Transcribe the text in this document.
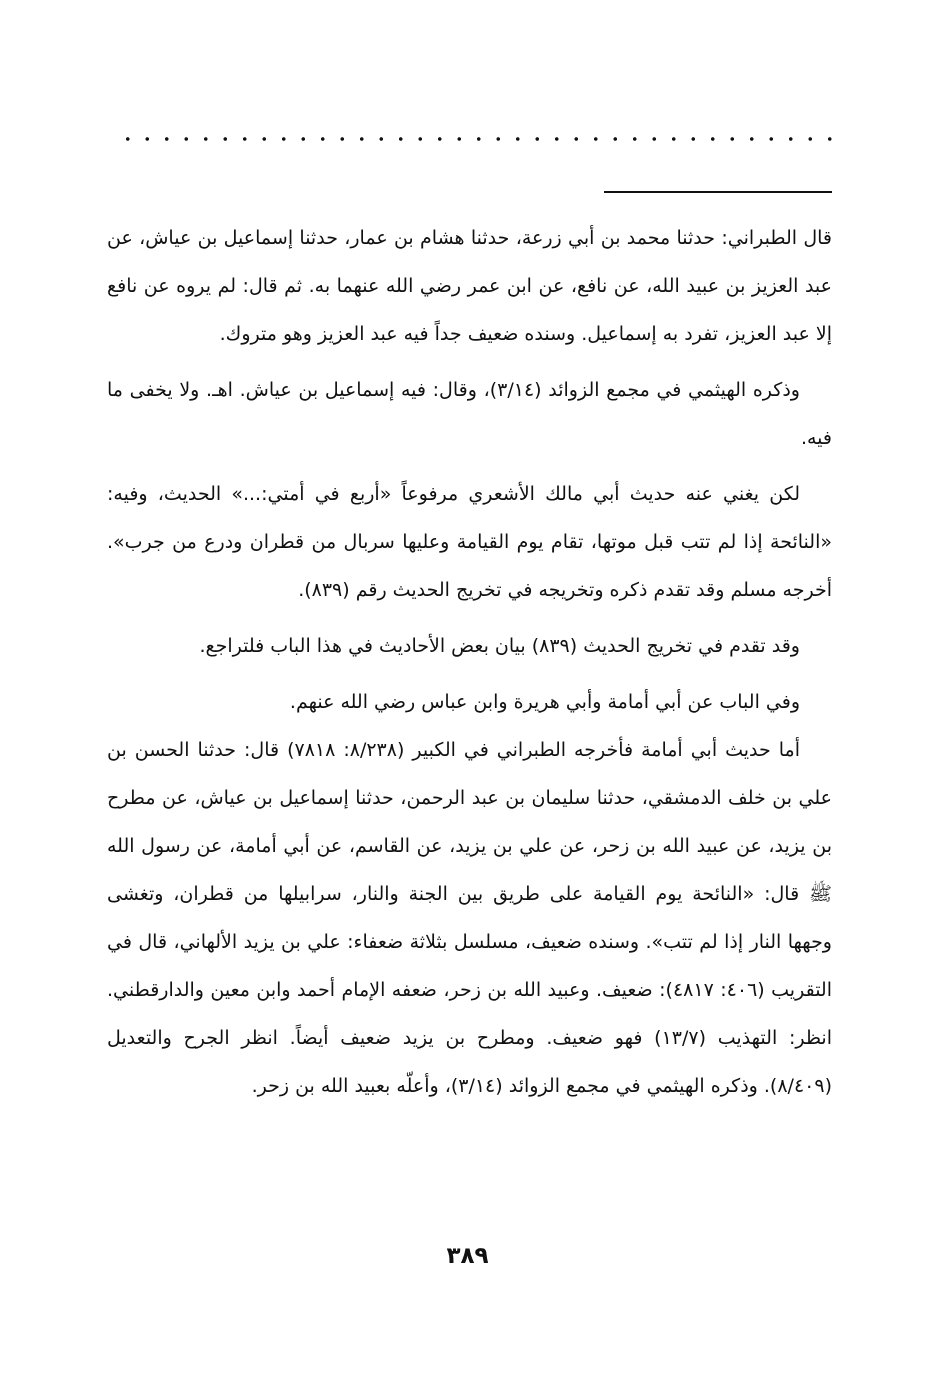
قال الطبراني: حدثنا محمد بن أبي زرعة، حدثنا هشام بن عمار، حدثنا إسماعيل بن عياش، عن عبد العزيز بن عبيد الله، عن نافع، عن ابن عمر رضي الله عنهما به. ثم قال: لم يروه عن نافع إلا عبد العزيز، تفرد به إسماعيل. وسنده ضعيف جداً فيه عبد العزيز وهو متروك.

وذكره الهيثمي في مجمع الزوائد (٣/١٤)، وقال: فيه إسماعيل بن عياش. اهـ. ولا يخفى ما فيه.

لكن يغني عنه حديث أبي مالك الأشعري مرفوعاً «أربع في أمتي:...» الحديث، وفيه: «النائحة إذا لم تتب قبل موتها، تقام يوم القيامة وعليها سربال من قطران ودرع من جرب». أخرجه مسلم وقد تقدم ذكره وتخريجه في تخريج الحديث رقم (٨٣٩).

وقد تقدم في تخريج الحديث (٨٣٩) بيان بعض الأحاديث في هذا الباب فلتراجع.

وفي الباب عن أبي أمامة وأبي هريرة وابن عباس رضي الله عنهم.

أما حديث أبي أمامة فأخرجه الطبراني في الكبير (٨/٢٣٨: ٧٨١٨) قال: حدثنا الحسن بن علي بن خلف الدمشقي، حدثنا سليمان بن عبد الرحمن، حدثنا إسماعيل بن عياش، عن مطرح بن يزيد، عن عبيد الله بن زحر، عن علي بن يزيد، عن القاسم، عن أبي أمامة، عن رسول الله ﷺ قال: «النائحة يوم القيامة على طريق بين الجنة والنار، سرابيلها من قطران، وتغشى وجهها النار إذا لم تتب». وسنده ضعيف، مسلسل بثلاثة ضعفاء: علي بن يزيد الألهاني، قال في التقريب (٤٠٦: ٤٨١٧): ضعيف. وعبيد الله بن زحر، ضعفه الإمام أحمد وابن معين والدارقطني. انظر: التهذيب (١٣/٧) فهو ضعيف. ومطرح بن يزيد ضعيف أيضاً. انظر الجرح والتعديل (٨/٤٠٩). وذكره الهيثمي في مجمع الزوائد (٣/١٤)، وأعلّه بعبيد الله بن زحر.

٣٨٩
